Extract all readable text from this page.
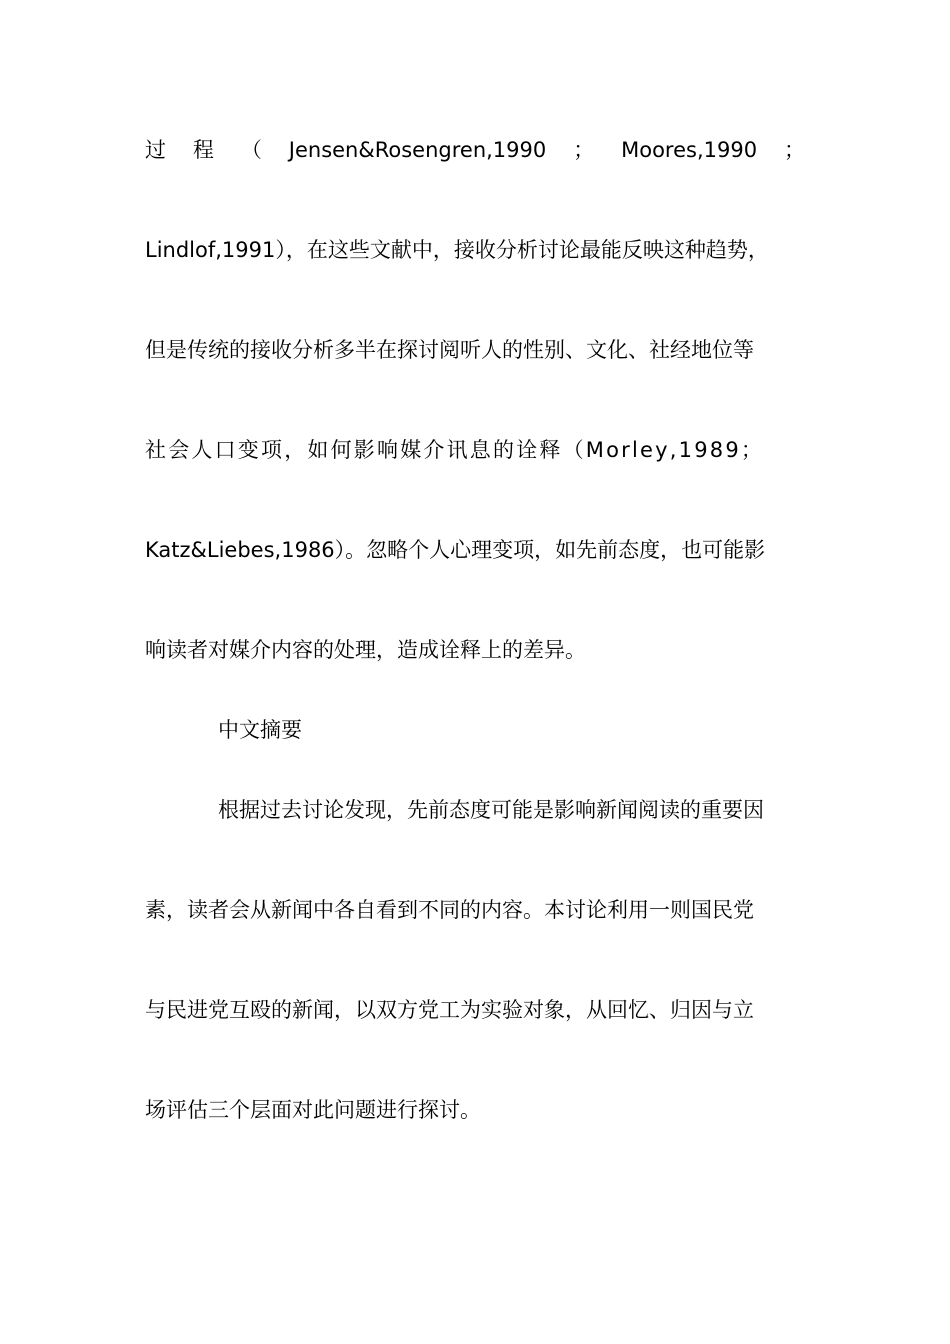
过 程 （ Jensen&Rosengren,1990 ； Moores,1990 ；
Lindlof,1991），在这些文献中，接收分析讨论最能反映这种趋势，
但是传统的接收分析多半在探讨阅听人的性别、文化、社经地位等
社会人口变项，如何影响媒介讯息的诠释（Morley,1989；
Katz&Liebes,1986）。忽略个人心理变项，如先前态度，也可能影
响读者对媒介内容的处理，造成诠释上的差异。
中文摘要
根据过去讨论发现，先前态度可能是影响新闻阅读的重要因
素，读者会从新闻中各自看到不同的内容。本讨论利用一则国民党
与民进党互殴的新闻，以双方党工为实验对象，从回忆、归因与立
场评估三个层面对此问题进行探讨。
